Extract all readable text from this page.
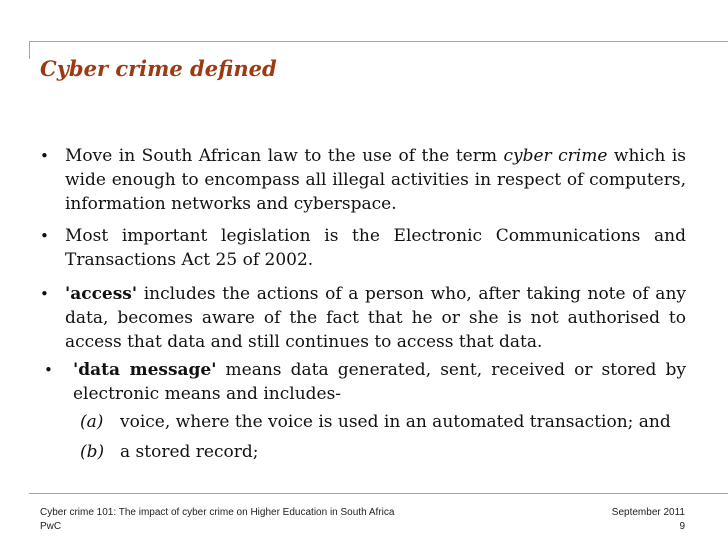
Cyber crime defined
• Move in South African law to the use of the term cyber crime which is wide enough to encompass all illegal activities in respect of computers, information networks and cyberspace.
• Most important legislation is the Electronic Communications and Transactions Act 25 of 2002.
• 'access' includes the actions of a person who, after taking note of any data, becomes aware of the fact that he or she is not authorised to access that data and still continues to access that data.
•	'data message' means data generated, sent, received or stored by electronic means and includes-
(a) voice, where the voice is used in an automated transaction; and
(b) a stored record;
Cyber crime 101: The impact of cyber crime on Higher Education in South Africa
PwC
September 2011
9
